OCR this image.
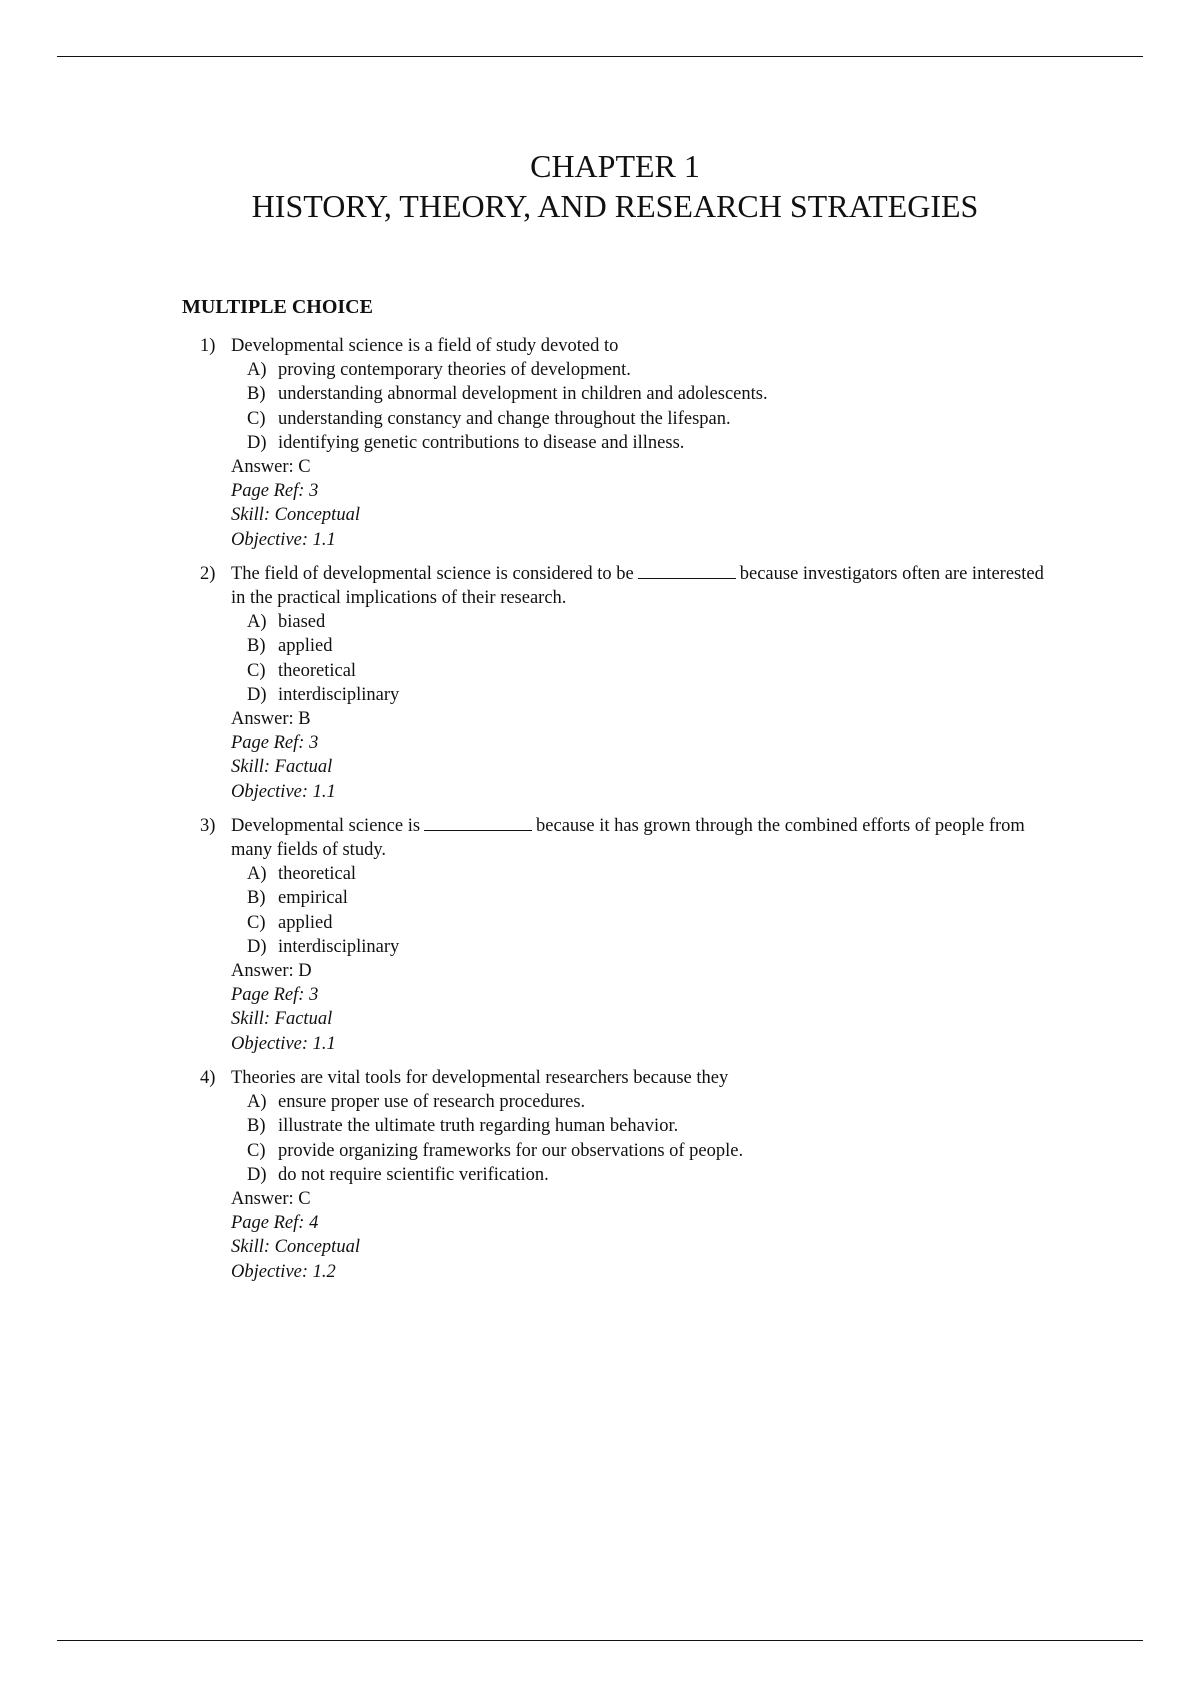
CHAPTER 1
HISTORY, THEORY, AND RESEARCH STRATEGIES
MULTIPLE CHOICE
1) Developmental science is a field of study devoted to
A) proving contemporary theories of development.
B) understanding abnormal development in children and adolescents.
C) understanding constancy and change throughout the lifespan.
D) identifying genetic contributions to disease and illness.
Answer: C
Page Ref: 3
Skill: Conceptual
Objective: 1.1
2) The field of developmental science is considered to be	because investigators often are interested in the practical implications of their research.
A) biased
B) applied
C) theoretical
D) interdisciplinary
Answer: B
Page Ref: 3
Skill: Factual
Objective: 1.1
3) Developmental science is	because it has grown through the combined efforts of people from many fields of study.
A) theoretical
B) empirical
C) applied
D) interdisciplinary
Answer: D
Page Ref: 3
Skill: Factual
Objective: 1.1
4) Theories are vital tools for developmental researchers because they
A) ensure proper use of research procedures.
B) illustrate the ultimate truth regarding human behavior.
C) provide organizing frameworks for our observations of people.
D) do not require scientific verification.
Answer: C
Page Ref: 4
Skill: Conceptual
Objective: 1.2
